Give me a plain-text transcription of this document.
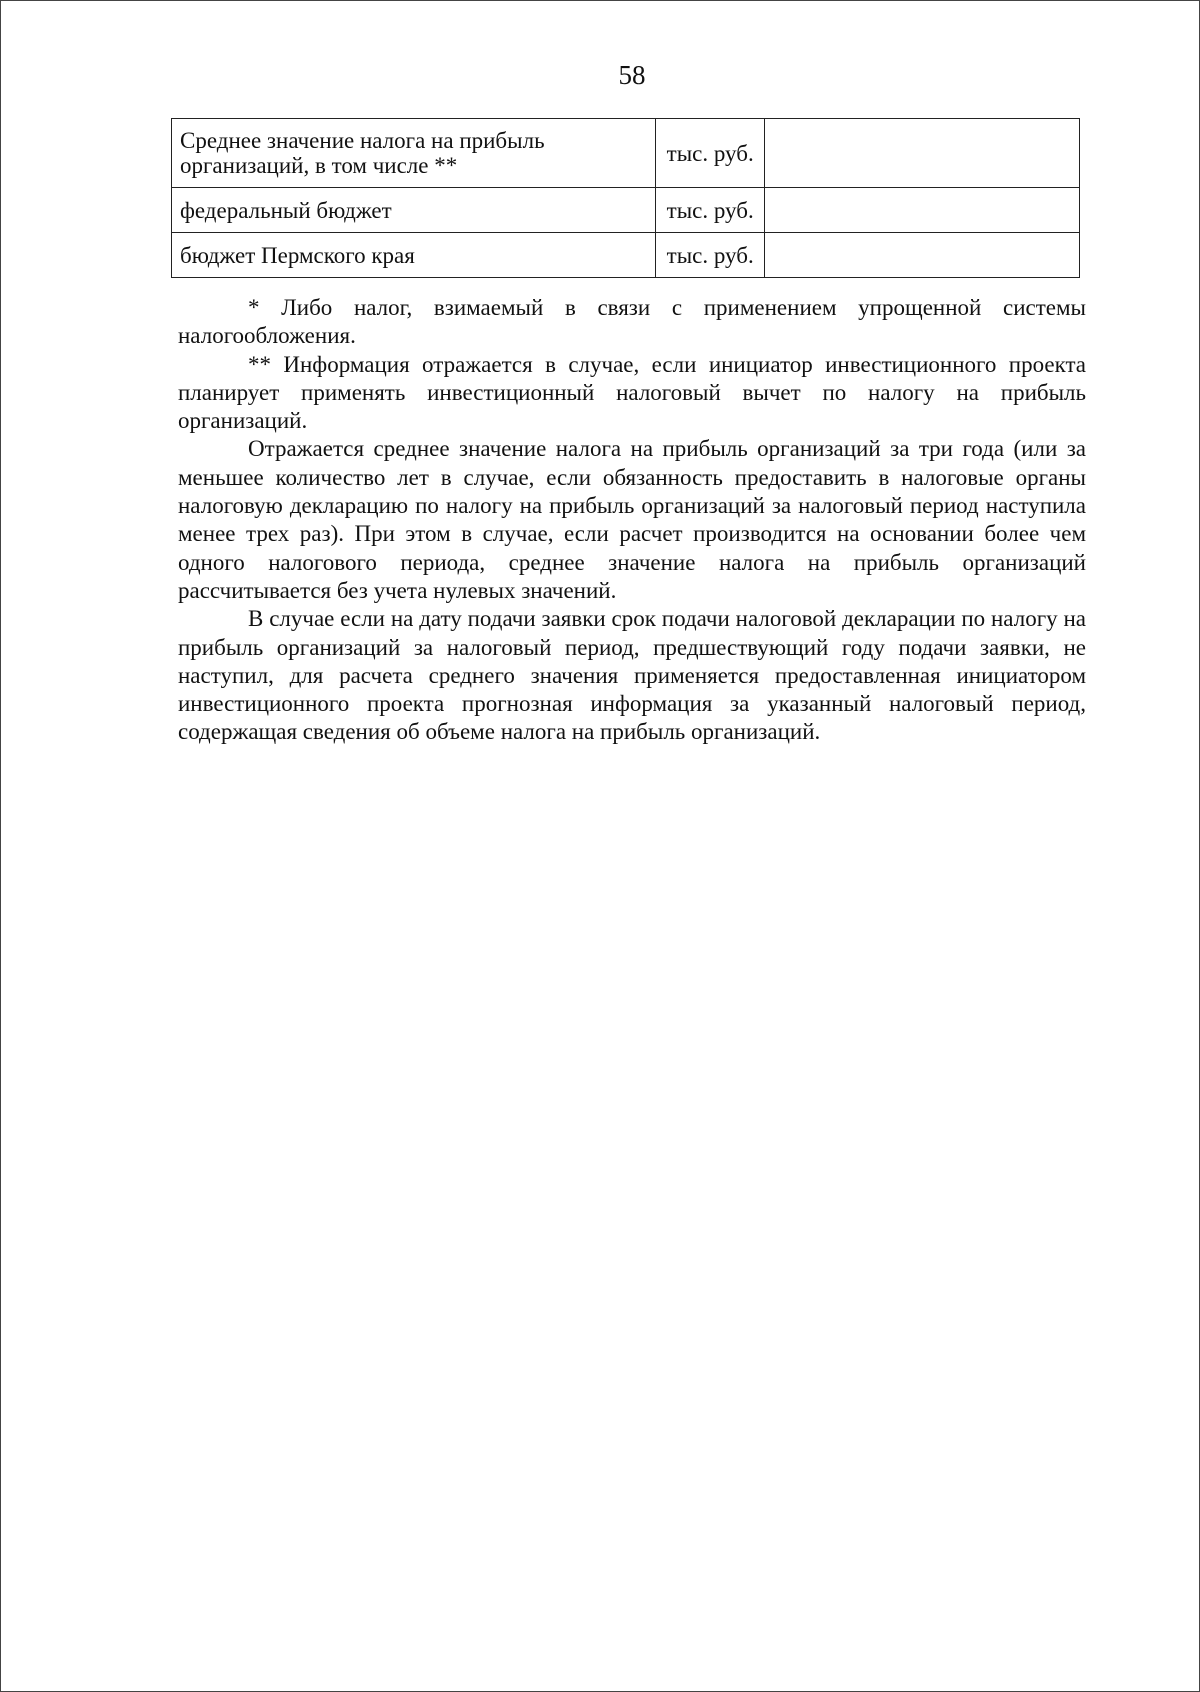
58
Среднее значение налога на прибыль организаций, в том числе **	тыс. руб.	
федеральный бюджет	тыс. руб.	
бюджет Пермского края	тыс. руб.	

* Либо налог, взимаемый в связи с применением упрощенной системы налогообложения.

** Информация отражается в случае, если инициатор инвестиционного проекта планирует применять инвестиционный налоговый вычет по налогу на прибыль организаций.

Отражается среднее значение налога на прибыль организаций за три года (или за меньшее количество лет в случае, если обязанность предоставить в налоговые органы налоговую декларацию по налогу на прибыль организаций за налоговый период наступила менее трех раз). При этом в случае, если расчет производится на основании более чем одного налогового периода, среднее значение налога на прибыль организаций рассчитывается без учета нулевых значений.

В случае если на дату подачи заявки срок подачи налоговой декларации по налогу на прибыль организаций за налоговый период, предшествующий году подачи заявки, не наступил, для расчета среднего значения применяется предоставленная инициатором инвестиционного проекта прогнозная информация за указанный налоговый период, содержащая сведения об объеме налога на прибыль организаций.
